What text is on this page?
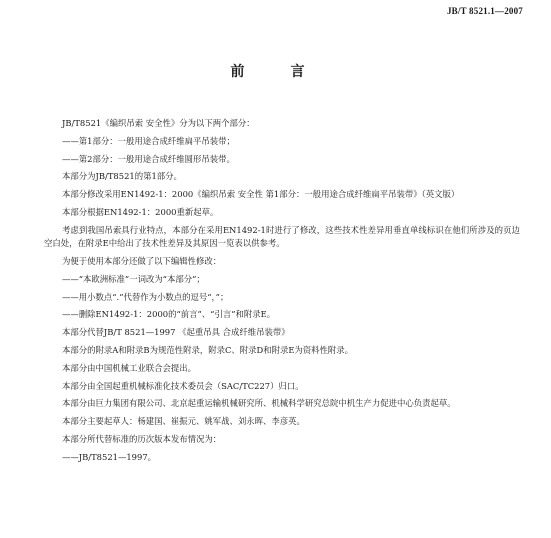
JB/T 8521.1—2007
前　言

JB/T8521《编织吊索 安全性》分为以下两个部分：

——第1部分：一般用途合成纤维扁平吊装带；

——第2部分：一般用途合成纤维圆形吊装带。

本部分为JB/T8521的第1部分。

本部分修改采用EN1492-1：2000《编织吊索 安全性 第1部分：一般用途合成纤维扁平吊装带》（英文版）

本部分根据EN1492-1：2000重新起草。

考虑到我国吊索具行业特点，本部分在采用EN1492-1时进行了修改，这些技术性差异用垂直单线标识在他们所涉及的页边空白处，在附录E中给出了技术性差异及其原因一览表以供参考。

为便于使用本部分还做了以下编辑性修改：

——“本欧洲标准”一词改为“本部分”；

——用小数点“.”代替作为小数点的逗号“，”；

——删除EN1492-1：2000的“前言”、“引言”和附录E。

本部分代替JB/T 8521—1997 《起重吊具 合成纤维吊装带》

本部分的附录A和附录B为规范性附录，附录C、附录D和附录E为资料性附录。

本部分由中国机械工业联合会提出。

本部分由全国起重机械标准化技术委员会（SAC/TC227）归口。

本部分由巨力集团有限公司、北京起重运输机械研究所、机械科学研究总院中机生产力促进中心负责起草。

本部分主要起草人：杨建国、崔振元、姚军战、刘永晖、李彦英。

本部分所代替标准的历次版本发布情况为：

——JB/T8521—1997。
